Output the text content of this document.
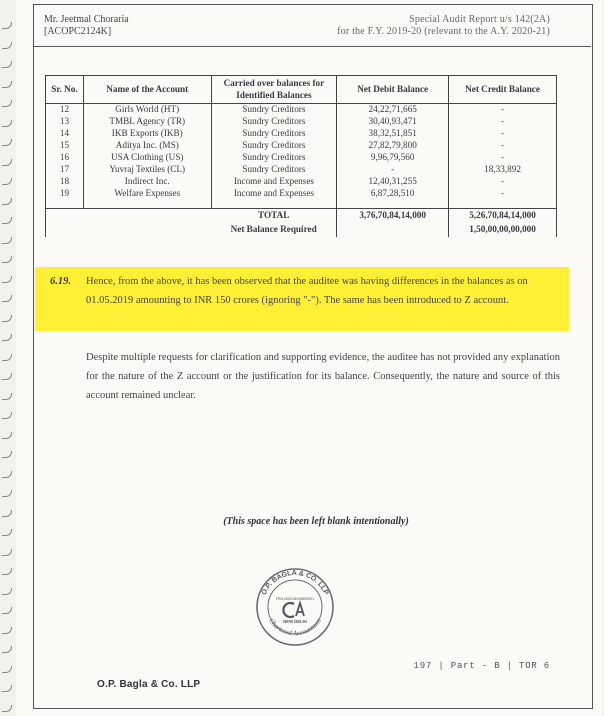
Mr. Jeetmal Choraria
[ACOPC2124K]
Special Audit Report u/s 142(2A)
for the F.Y. 2019-20 (relevant to the A.Y. 2020-21)
Sr. No.	Name of the Account	Carried over balances for Identified Balances	Net Debit Balance	Net Credit Balance
12	Girls World (HT)	Sundry Creditors	24,22,71,665	-
13	TMBL Agency (TR)	Sundry Creditors	30,40,93,471	-
14	IKB Exports (IKB)	Sundry Creditors	38,32,51,851	-
15	Aditya Inc. (MS)	Sundry Creditors	27,82,79,800	-
16	USA Clothing (US)	Sundry Creditors	9,96,79,560	-
17	Yuvraj Textiles (CL)	Sundry Creditors	-	18,33,892
18	Indirect Inc.	Income and Expenses	12,40,31,255	-
19	Welfare Expenses	Income and Expenses	6,87,28,510	-

		TOTAL	3,76,70,84,14,000	5,26,70,84,14,000
		Net Balance Required		1,50,00,00,00,000
6.19. Hence, from the above, it has been observed that the auditee was having differences in the balances as on 01.05.2019 amounting to INR 150 crores (ignoring "-"). The same has been introduced to Z account.
Despite multiple requests for clarification and supporting evidence, the auditee has not provided any explanation for the nature of the Z account or the justification for its balance. Consequently, the nature and source of this account remained unclear.
(This space has been left blank intentionally)
O.P. BAGLA & CO. LLP
Chartered Accountants
FRN 000018N/N500091
NEW DELHI
197 | Part - B | TOR 6
O.P. Bagla & Co. LLP
